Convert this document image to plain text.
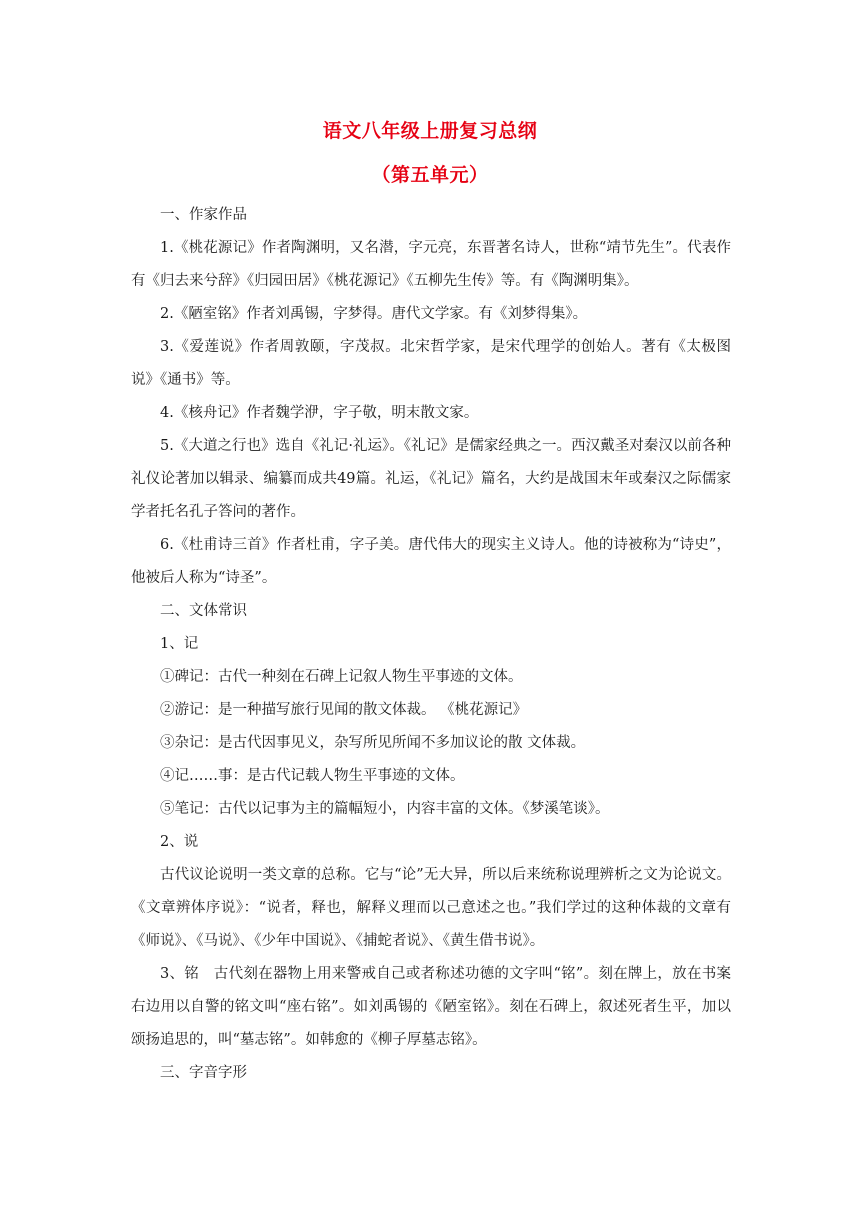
语文八年级上册复习总纲
（第五单元）

一、作家作品

1.《桃花源记》作者陶渊明，又名潜，字元亮，东晋著名诗人，世称“靖节先生”。代表作有《归去来兮辞》《归园田居》《桃花源记》《五柳先生传》等。有《陶渊明集》。

2.《陋室铭》作者刘禹锡，字梦得。唐代文学家。有《刘梦得集》。

3.《爱莲说》作者周敦颐，字茂叔。北宋哲学家，是宋代理学的创始人。著有《太极图说》《通书》等。

4.《核舟记》作者魏学洢，字子敬，明末散文家。

5.《大道之行也》选自《礼记·礼运》。《礼记》是儒家经典之一。西汉戴圣对秦汉以前各种礼仪论著加以辑录、编纂而成共49篇。礼运，《礼记》篇名，大约是战国末年或秦汉之际儒家学者托名孔子答问的著作。

6.《杜甫诗三首》作者杜甫，字子美。唐代伟大的现实主义诗人。他的诗被称为“诗史”，他被后人称为“诗圣”。

二、文体常识

1、记

①碑记：古代一种刻在石碑上记叙人物生平事迹的文体。

②游记：是一种描写旅行见闻的散文体裁。 《桃花源记》

③杂记：是古代因事见义，杂写所见所闻不多加议论的散 文体裁。

④记……事：是古代记载人物生平事迹的文体。

⑤笔记：古代以记事为主的篇幅短小，内容丰富的文体。《梦溪笔谈》。

2、说

古代议论说明一类文章的总称。它与“论”无大异，所以后来统称说理辨析之文为论说文。《文章辨体序说》：“说者，释也，解释义理而以己意述之也。”我们学过的这种体裁的文章有《师说》、《马说》、《少年中国说》、《捕蛇者说》、《黄生借书说》。

3、铭　古代刻在器物上用来警戒自己或者称述功德的文字叫“铭”。刻在牌上，放在书案右边用以自警的铭文叫“座右铭”。如刘禹锡的《陋室铭》。刻在石碑上，叙述死者生平，加以颂扬追思的，叫“墓志铭”。如韩愈的《柳子厚墓志铭》。

三、字音字形
